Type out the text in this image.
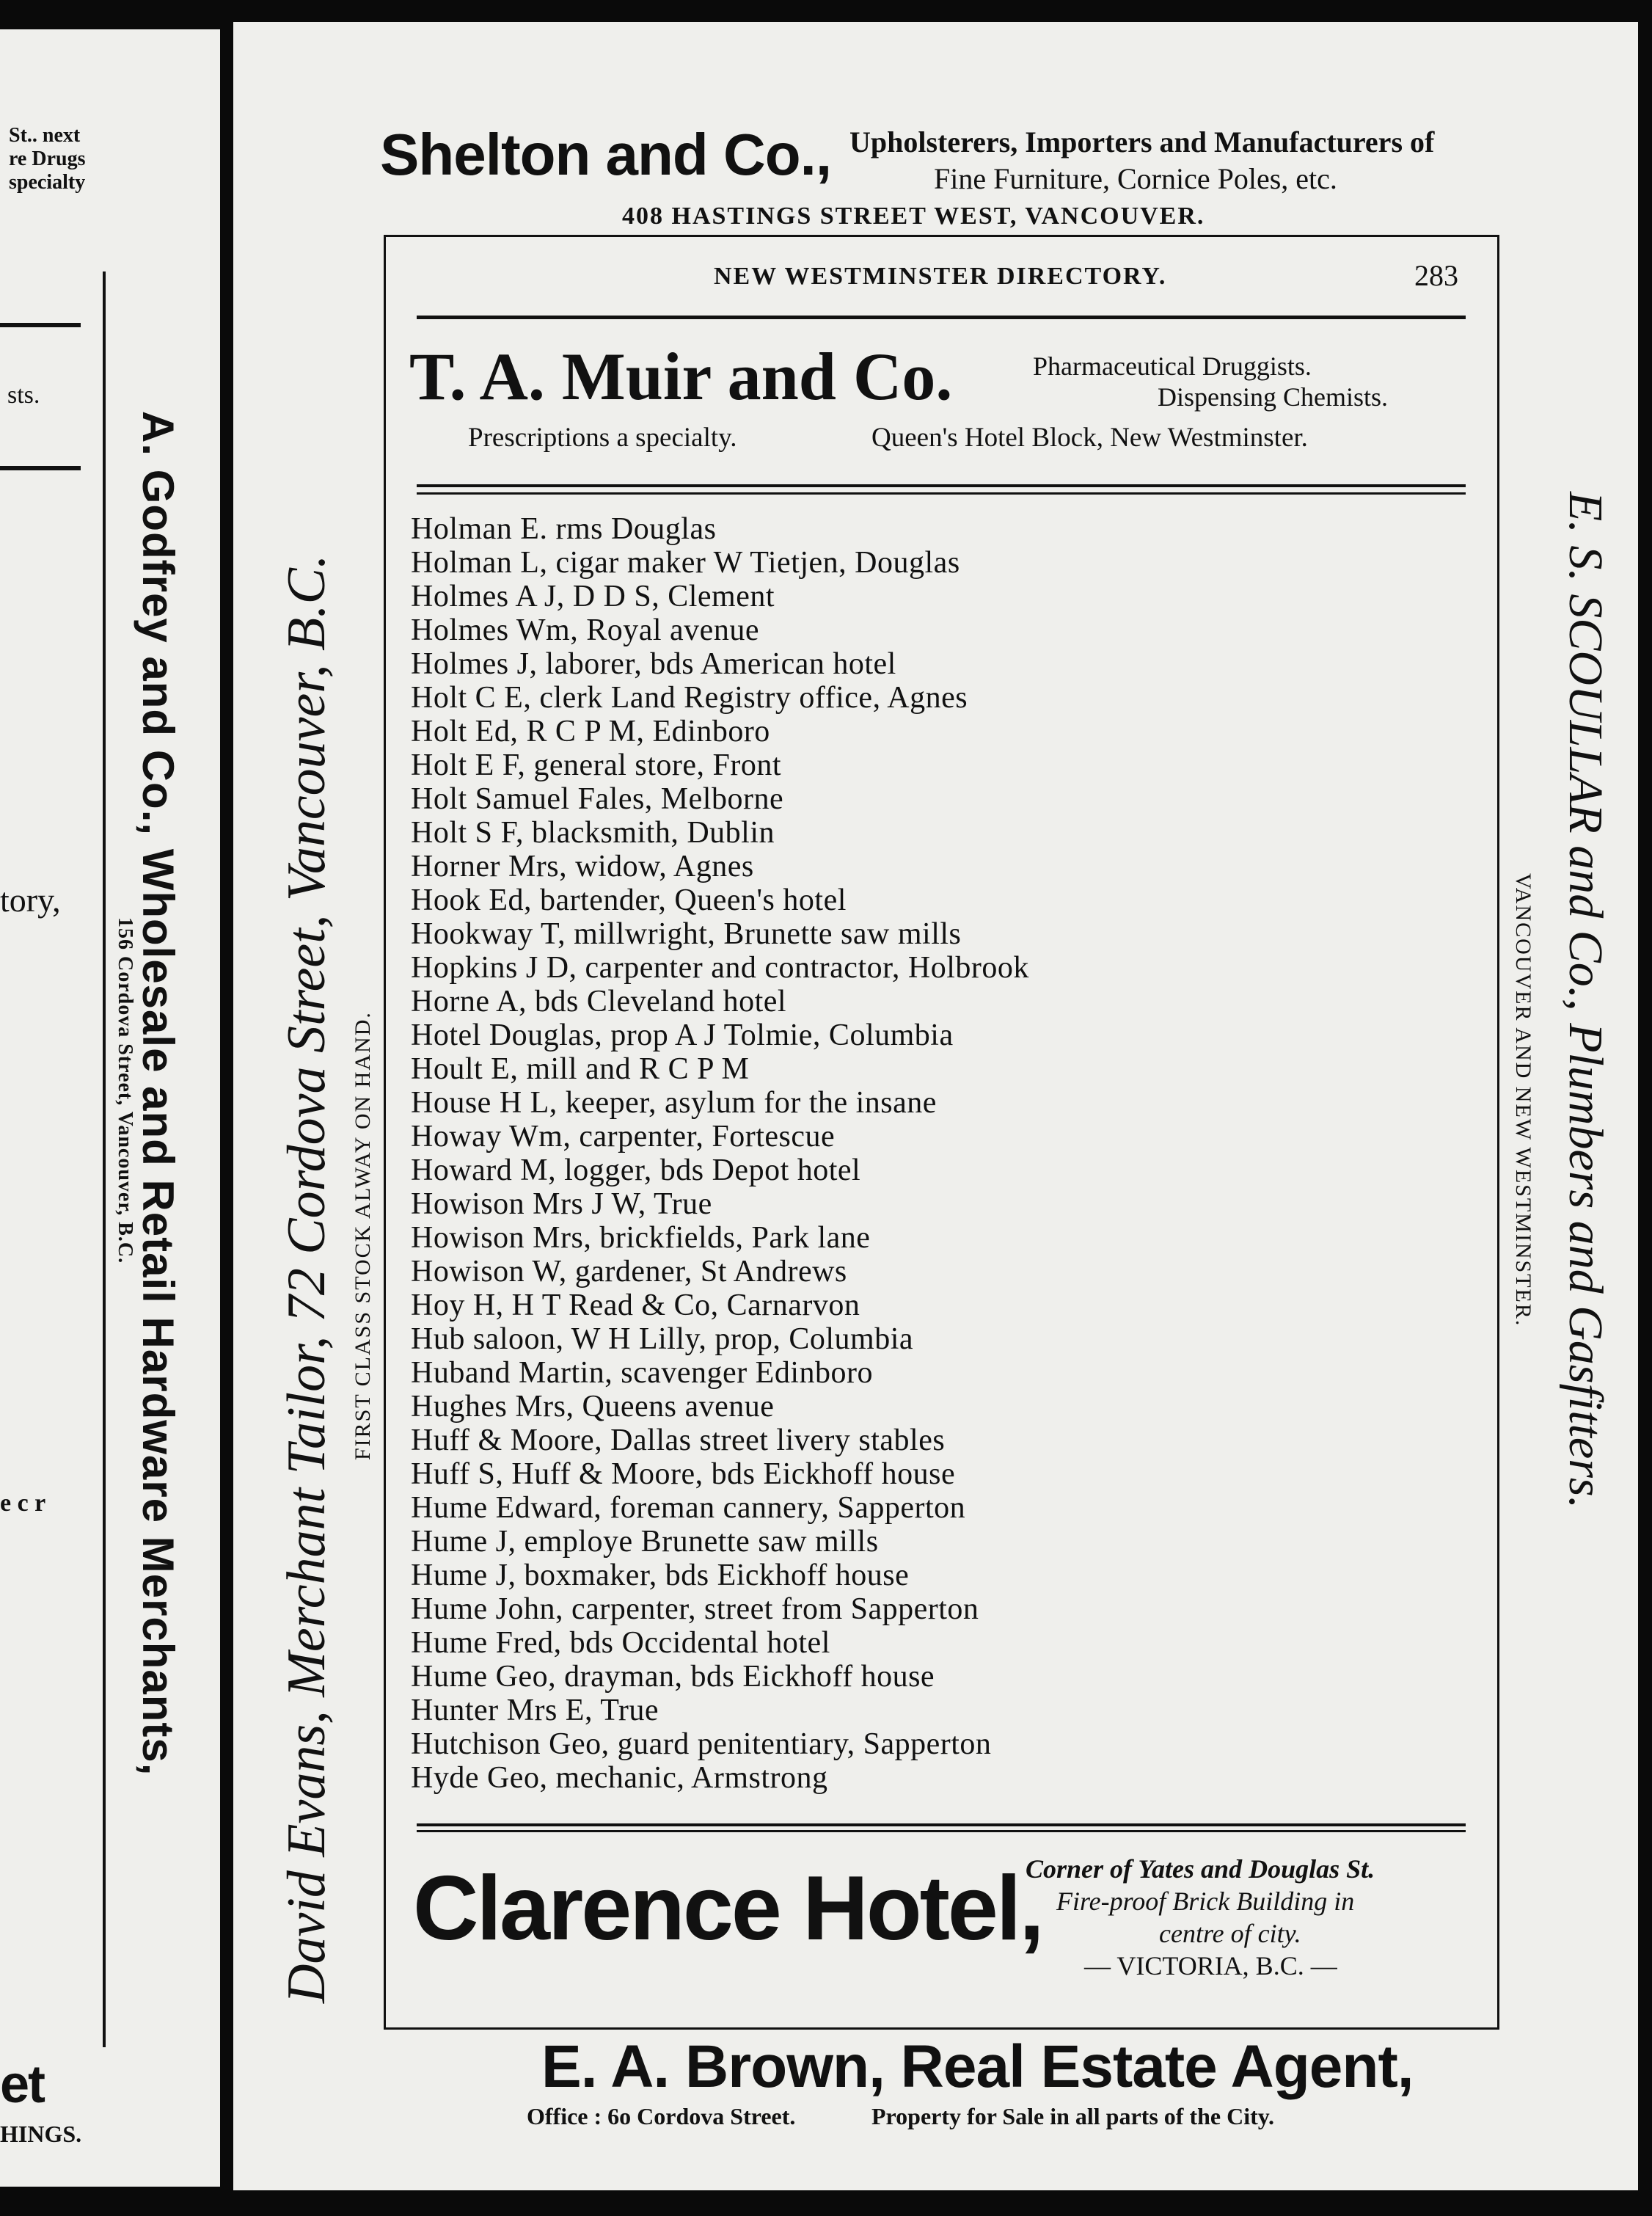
St.. next
re Drugs
specialty
sts.
tory,
e c r
et
HINGS.
A. Godfrey and Co., Wholesale and Retail Hardware Merchants,
156 Cordova Street, Vancouver, B.C.
Shelton and Co., Upholsterers, Importers and Manufacturers of
Fine Furniture, Cornice Poles, etc.
408 HASTINGS STREET WEST, VANCOUVER.
NEW WESTMINSTER DIRECTORY.	283
T. A. Muir and Co.	Pharmaceutical Druggists.
Dispensing Chemists.
Prescriptions a specialty.	Queen's Hotel Block, New Westminster.
Holman E. rms Douglas
Holman L, cigar maker W Tietjen, Douglas
Holmes A J, D D S, Clement
Holmes Wm, Royal avenue
Holmes J, laborer, bds American hotel
Holt C E, clerk Land Registry office, Agnes
Holt Ed, R C P M, Edinboro
Holt E F, general store, Front
Holt Samuel Fales, Melborne
Holt S F, blacksmith, Dublin
Horner Mrs, widow, Agnes
Hook Ed, bartender, Queen's hotel
Hookway T, millwright, Brunette saw mills
Hopkins J D, carpenter and contractor, Holbrook
Horne A, bds Cleveland hotel
Hotel Douglas, prop A J Tolmie, Columbia
Hoult E, mill and R C P M
House H L, keeper, asylum for the insane
Howay Wm, carpenter, Fortescue
Howard M, logger, bds Depot hotel
Howison Mrs J W, True
Howison Mrs, brickfields, Park lane
Howison W, gardener, St Andrews
Hoy H, H T Read & Co, Carnarvon
Hub saloon, W H Lilly, prop, Columbia
Huband Martin, scavenger Edinboro
Hughes Mrs, Queens avenue
Huff & Moore, Dallas street livery stables
Huff S, Huff & Moore, bds Eickhoff house
Hume Edward, foreman cannery, Sapperton
Hume J, employe Brunette saw mills
Hume J, boxmaker, bds Eickhoff house
Hume John, carpenter, street from Sapperton
Hume Fred, bds Occidental hotel
Hume Geo, drayman, bds Eickhoff house
Hunter Mrs E, True
Hutchison Geo, guard penitentiary, Sapperton
Hyde Geo, mechanic, Armstrong
Clarence Hotel,
Corner of Yates and Douglas St.
Fire-proof Brick Building in
centre of city.
— VICTORIA, B.C. —
E. A. Brown, Real Estate Agent,
Office : 6o Cordova Street.	Property for Sale in all parts of the City.
David Evans, Merchant Tailor, 72 Cordova Street, Vancouver, B.C. FIRST CLASS STOCK ALWAY ON HAND.	E. S. SCOULLAR and Co., Plumbers and Gasfitters.
VANCOUVER AND NEW WESTMINSTER.
